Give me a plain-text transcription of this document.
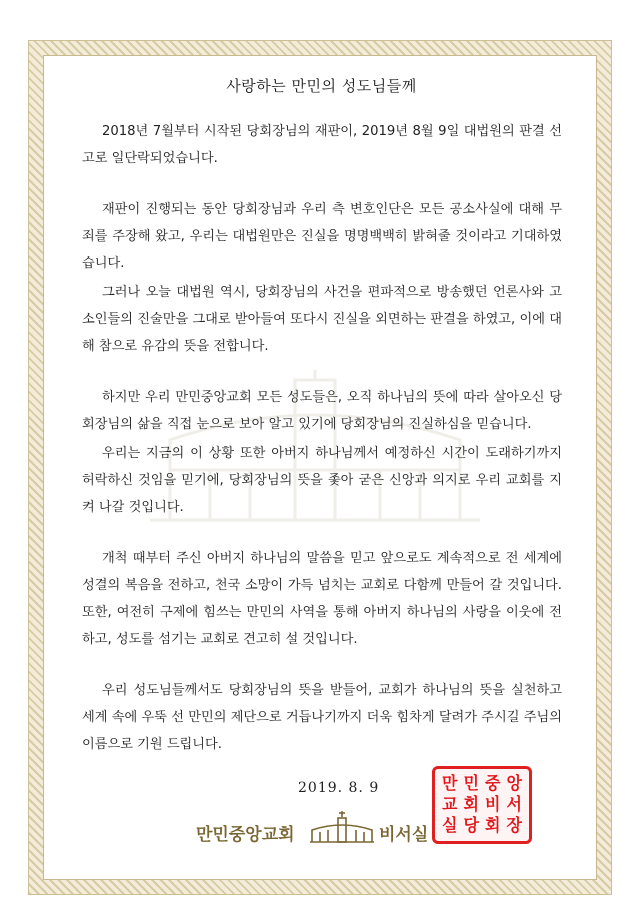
사랑하는 만민의 성도님들께

2018년 7월부터 시작된 당회장님의 재판이, 2019년 8월 9일 대법원의 판결 선고로 일단락되었습니다.

재판이 진행되는 동안 당회장님과 우리 측 변호인단은 모든 공소사실에 대해 무죄를 주장해 왔고, 우리는 대법원만은 진실을 명명백백히 밝혀줄 것이라고 기대하였습니다.

그러나 오늘 대법원 역시, 당회장님의 사건을 편파적으로 방송했던 언론사와 고소인들의 진술만을 그대로 받아들여 또다시 진실을 외면하는 판결을 하였고, 이에 대해 참으로 유감의 뜻을 전합니다.

하지만 우리 만민중앙교회 모든 성도들은, 오직 하나님의 뜻에 따라 살아오신 당회장님의 삶을 직접 눈으로 보아 알고 있기에 당회장님의 진실하심을 믿습니다.

우리는 지금의 이 상황 또한 아버지 하나님께서 예정하신 시간이 도래하기까지 허락하신 것임을 믿기에, 당회장님의 뜻을 좇아 굳은 신앙과 의지로 우리 교회를 지켜 나갈 것입니다.

개척 때부터 주신 아버지 하나님의 말씀을 믿고 앞으로도 계속적으로 전 세계에 성결의 복음을 전하고, 천국 소망이 가득 넘치는 교회로 다함께 만들어 갈 것입니다. 또한, 여전히 구제에 힘쓰는 만민의 사역을 통해 아버지 하나님의 사랑을 이웃에 전하고, 성도를 섬기는 교회로 견고히 설 것입니다.

우리 성도님들께서도 당회장님의 뜻을 받들어, 교회가 하나님의 뜻을 실천하고 세계 속에 우뚝 선 만민의 제단으로 거듭나기까지 더욱 힘차게 달려가 주시길 주님의 이름으로 기원 드립니다.

2019. 8. 9	만 민 중 앙
교 회 비 서
실 당 회 장
만민중앙교회	비서실
